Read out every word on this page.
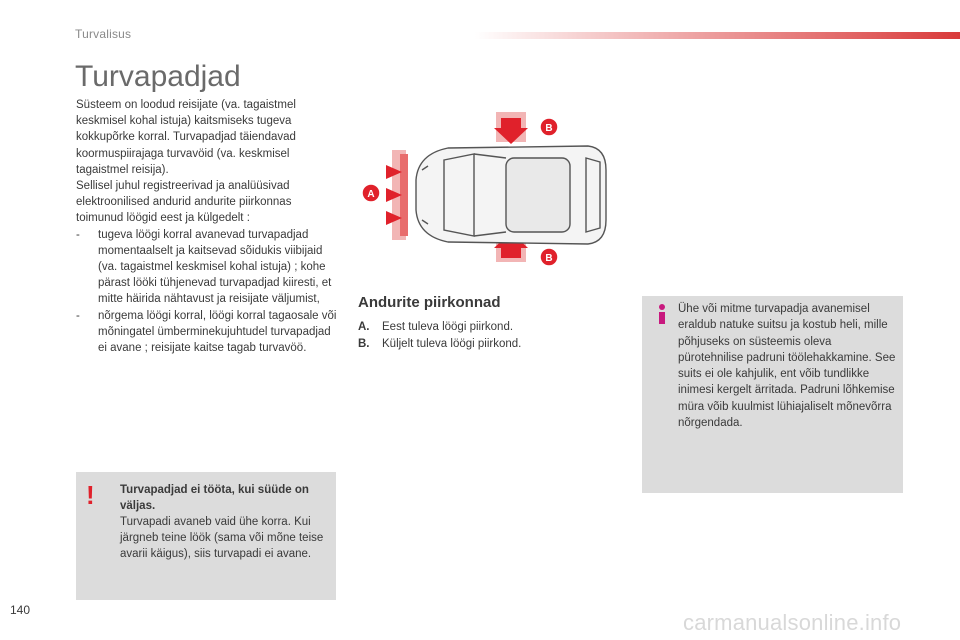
Turvalisus
Turvapadjad

Süsteem on loodud reisijate (va. tagaistmel keskmisel kohal istuja) kaitsmiseks tugeva kokkupõrke korral. Turvapadjad täiendavad koormuspiirajaga turvavöid (va. keskmisel tagaistmel reisija).

Sellisel juhul registreerivad ja analüüsivad elektroonilised andurid andurite piirkonnas toimunud löögid eest ja külgedelt :

- tugeva löögi korral avanevad turvapadjad momentaalselt ja kaitsevad sõidukis viibijaid (va. tagaistmel keskmisel kohal istuja) ; kohe pärast lööki tühjenevad turvapadjad kiiresti, et mitte häirida nähtavust ja reisijate väljumist,
- nõrgema löögi korral, löögi korral tagaosale või mõningatel ümberminekujuhtudel turvapadjad ei avane ; reisijate kaitse tagab turvavöö.
! Turvapadjad ei tööta, kui süüde on väljas.
Turvapadi avaneb vaid ühe korra. Kui järgneb teine löök (sama või mõne teise avarii käigus), siis turvapadi ei avane.
A
B
B
Andurite piirkonnad
A.	Eest tuleva löögi piirkond.
B.	Küljelt tuleva löögi piirkond.
Ühe või mitme turvapadja avanemisel eraldub natuke suitsu ja kostub heli, mille põhjuseks on süsteemis oleva pürotehnilise padruni töölehakkamine. See suits ei ole kahjulik, ent võib tundlikke inimesi kergelt ärritada. Padruni lõhkemise müra võib kuulmist lühiajaliselt mõnevõrra nõrgendada.
140	carmanualsonline.info
